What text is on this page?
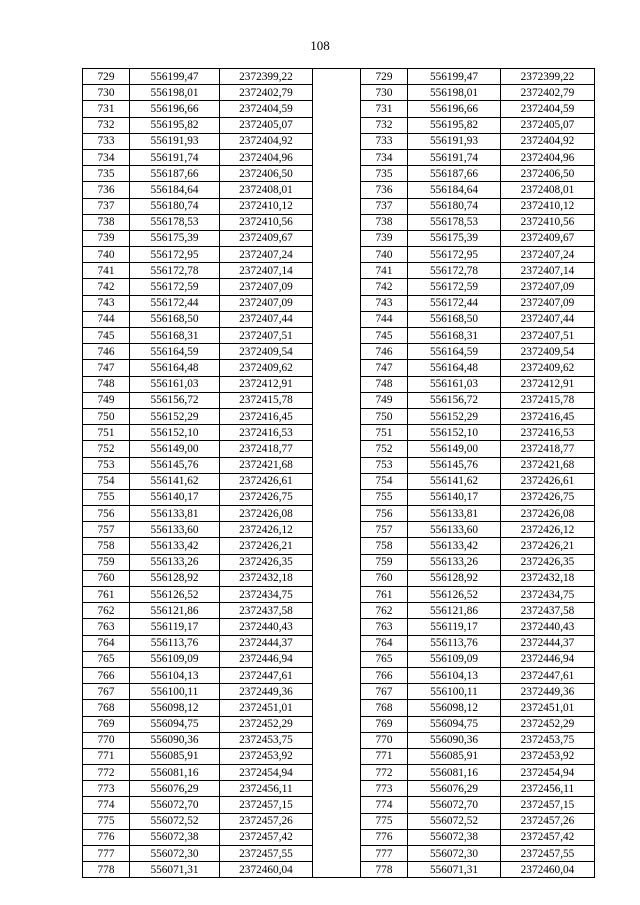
108
729	556199,47	2372399,22		729	556199,47	2372399,22
730	556198,01	2372402,79		730	556198,01	2372402,79
731	556196,66	2372404,59		731	556196,66	2372404,59
732	556195,82	2372405,07		732	556195,82	2372405,07
733	556191,93	2372404,92		733	556191,93	2372404,92
734	556191,74	2372404,96		734	556191,74	2372404,96
735	556187,66	2372406,50		735	556187,66	2372406,50
736	556184,64	2372408,01		736	556184,64	2372408,01
737	556180,74	2372410,12		737	556180,74	2372410,12
738	556178,53	2372410,56		738	556178,53	2372410,56
739	556175,39	2372409,67		739	556175,39	2372409,67
740	556172,95	2372407,24		740	556172,95	2372407,24
741	556172,78	2372407,14		741	556172,78	2372407,14
742	556172,59	2372407,09		742	556172,59	2372407,09
743	556172,44	2372407,09		743	556172,44	2372407,09
744	556168,50	2372407,44		744	556168,50	2372407,44
745	556168,31	2372407,51		745	556168,31	2372407,51
746	556164,59	2372409,54		746	556164,59	2372409,54
747	556164,48	2372409,62		747	556164,48	2372409,62
748	556161,03	2372412,91		748	556161,03	2372412,91
749	556156,72	2372415,78		749	556156,72	2372415,78
750	556152,29	2372416,45		750	556152,29	2372416,45
751	556152,10	2372416,53		751	556152,10	2372416,53
752	556149,00	2372418,77		752	556149,00	2372418,77
753	556145,76	2372421,68		753	556145,76	2372421,68
754	556141,62	2372426,61		754	556141,62	2372426,61
755	556140,17	2372426,75		755	556140,17	2372426,75
756	556133,81	2372426,08		756	556133,81	2372426,08
757	556133,60	2372426,12		757	556133,60	2372426,12
758	556133,42	2372426,21		758	556133,42	2372426,21
759	556133,26	2372426,35		759	556133,26	2372426,35
760	556128,92	2372432,18		760	556128,92	2372432,18
761	556126,52	2372434,75		761	556126,52	2372434,75
762	556121,86	2372437,58		762	556121,86	2372437,58
763	556119,17	2372440,43		763	556119,17	2372440,43
764	556113,76	2372444,37		764	556113,76	2372444,37
765	556109,09	2372446,94		765	556109,09	2372446,94
766	556104,13	2372447,61		766	556104,13	2372447,61
767	556100,11	2372449,36		767	556100,11	2372449,36
768	556098,12	2372451,01		768	556098,12	2372451,01
769	556094,75	2372452,29		769	556094,75	2372452,29
770	556090,36	2372453,75		770	556090,36	2372453,75
771	556085,91	2372453,92		771	556085,91	2372453,92
772	556081,16	2372454,94		772	556081,16	2372454,94
773	556076,29	2372456,11		773	556076,29	2372456,11
774	556072,70	2372457,15		774	556072,70	2372457,15
775	556072,52	2372457,26		775	556072,52	2372457,26
776	556072,38	2372457,42		776	556072,38	2372457,42
777	556072,30	2372457,55		777	556072,30	2372457,55
778	556071,31	2372460,04		778	556071,31	2372460,04
